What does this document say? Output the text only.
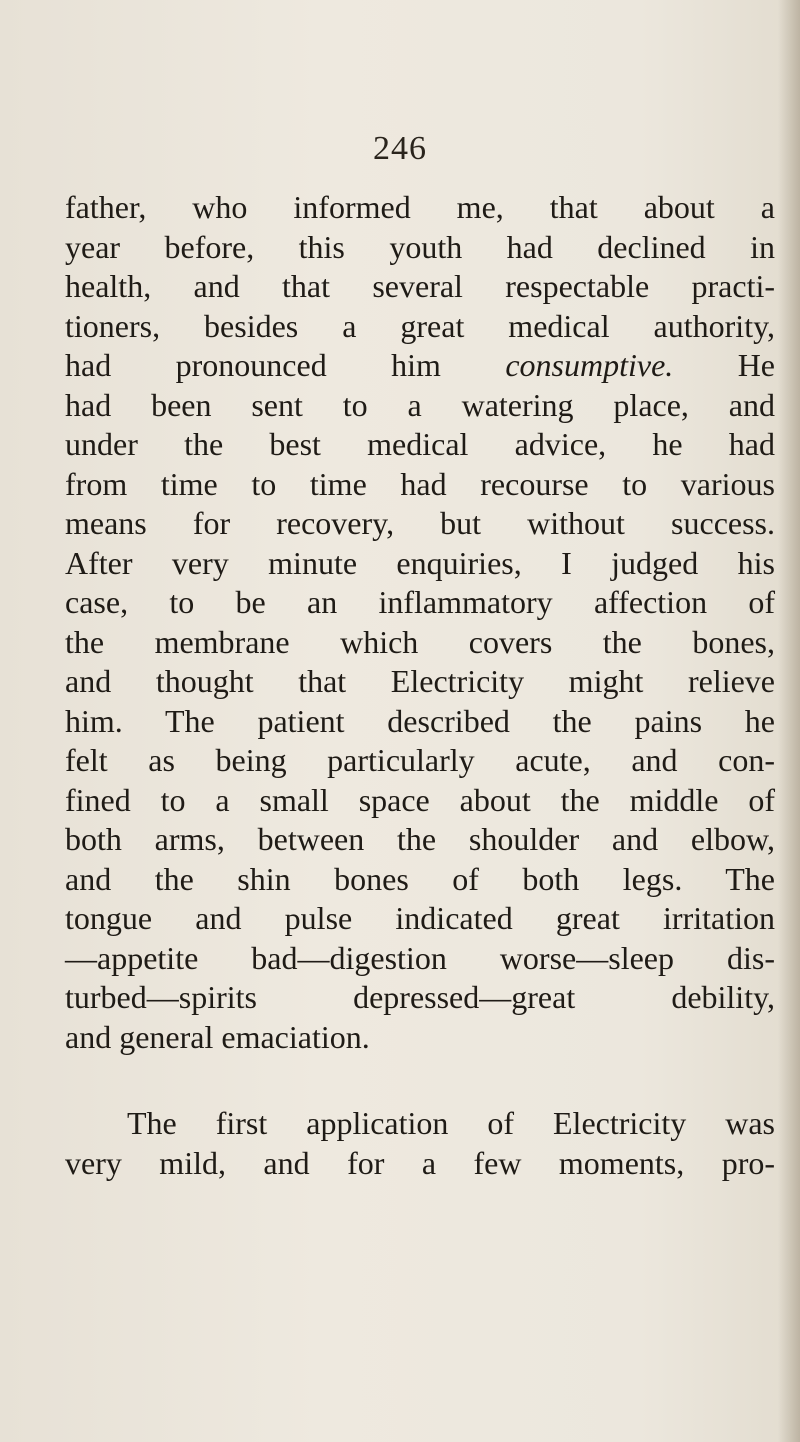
246
father, who informed me, that about a
year before, this youth had declined in
health, and that several respectable practi-
tioners, besides a great medical authority,
had pronounced him consumptive. He
had been sent to a watering place, and
under the best medical advice, he had
from time to time had recourse to various
means for recovery, but without success.
After very minute enquiries, I judged his
case, to be an inflammatory affection of
the membrane which covers the bones,
and thought that Electricity might relieve
him. The patient described the pains he
felt as being particularly acute, and con-
fined to a small space about the middle of
both arms, between the shoulder and elbow,
and the shin bones of both legs. The
tongue and pulse indicated great irritation
—appetite bad—digestion worse—sleep dis-
turbed—spirits depressed—great debility,
and general emaciation.
The first application of Electricity was
very mild, and for a few moments, pro-
